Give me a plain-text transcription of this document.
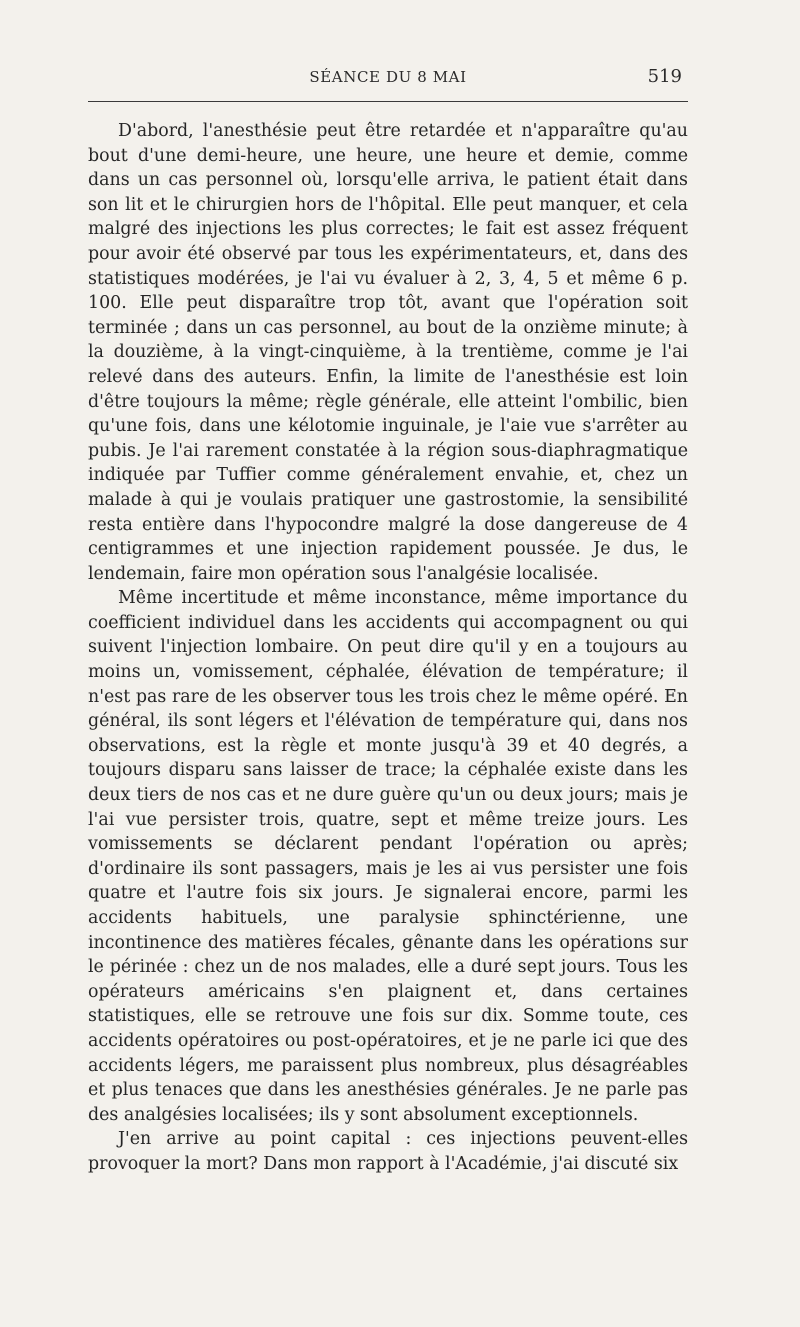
SÉANCE DU 8 MAI	519

D'abord, l'anesthésie peut être retardée et n'apparaître qu'au bout d'une demi-heure, une heure, une heure et demie, comme dans un cas personnel où, lorsqu'elle arriva, le patient était dans son lit et le chirurgien hors de l'hôpital. Elle peut manquer, et cela malgré des injections les plus correctes; le fait est assez fréquent pour avoir été observé par tous les expérimentateurs, et, dans des statistiques modérées, je l'ai vu évaluer à 2, 3, 4, 5 et même 6 p. 100. Elle peut disparaître trop tôt, avant que l'opération soit terminée ; dans un cas personnel, au bout de la onzième minute; à la douzième, à la vingt-cinquième, à la trentième, comme je l'ai relevé dans des auteurs. Enfin, la limite de l'anesthésie est loin d'être toujours la même; règle générale, elle atteint l'ombilic, bien qu'une fois, dans une kélotomie inguinale, je l'aie vue s'arrêter au pubis. Je l'ai rarement constatée à la région sous-diaphragmatique indiquée par Tuffier comme généralement envahie, et, chez un malade à qui je voulais pratiquer une gastrostomie, la sensibilité resta entière dans l'hypocondre malgré la dose dangereuse de 4 centigrammes et une injection rapidement poussée. Je dus, le lendemain, faire mon opération sous l'analgésie localisée.

Même incertitude et même inconstance, même importance du coefficient individuel dans les accidents qui accompagnent ou qui suivent l'injection lombaire. On peut dire qu'il y en a toujours au moins un, vomissement, céphalée, élévation de température; il n'est pas rare de les observer tous les trois chez le même opéré. En général, ils sont légers et l'élévation de température qui, dans nos observations, est la règle et monte jusqu'à 39 et 40 degrés, a toujours disparu sans laisser de trace; la céphalée existe dans les deux tiers de nos cas et ne dure guère qu'un ou deux jours; mais je l'ai vue persister trois, quatre, sept et même treize jours. Les vomissements se déclarent pendant l'opération ou après; d'ordinaire ils sont passagers, mais je les ai vus persister une fois quatre et l'autre fois six jours. Je signalerai encore, parmi les accidents habituels, une paralysie sphinctérienne, une incontinence des matières fécales, gênante dans les opérations sur le périnée : chez un de nos malades, elle a duré sept jours. Tous les opérateurs américains s'en plaignent et, dans certaines statistiques, elle se retrouve une fois sur dix. Somme toute, ces accidents opératoires ou post-opératoires, et je ne parle ici que des accidents légers, me paraissent plus nombreux, plus désagréables et plus tenaces que dans les anesthésies générales. Je ne parle pas des analgésies localisées; ils y sont absolument exceptionnels.

J'en arrive au point capital : ces injections peuvent-elles provoquer la mort? Dans mon rapport à l'Académie, j'ai discuté six
